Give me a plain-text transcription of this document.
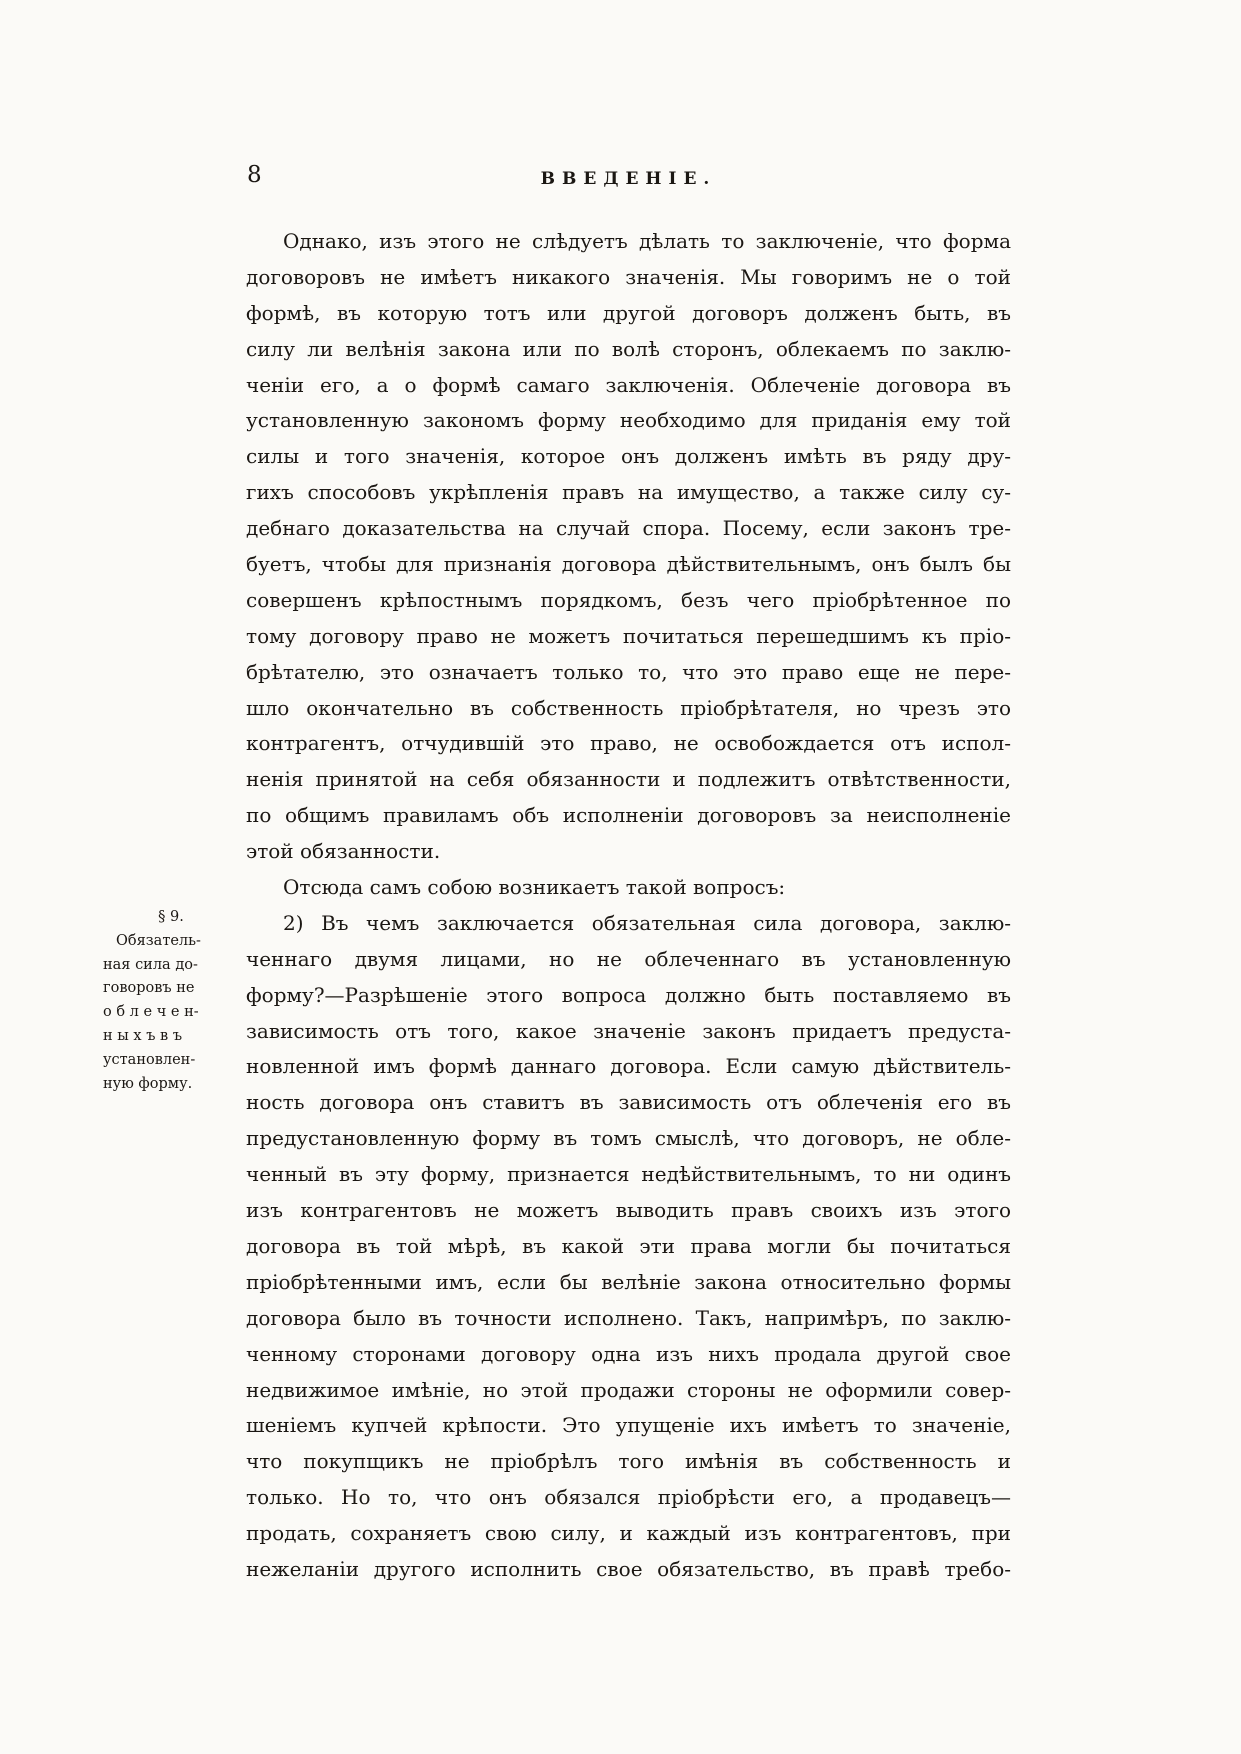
8	ВВЕДЕНІЕ.
§ 9.
Обязатель-
ная сила до-
говоровъ не
о б л е ч е н-
н ы х ъ в ъ
установлен-
ную форму.
Однако, изъ этого не слѣдуетъ дѣлать то заключеніе, что форма
договоровъ не имѣетъ никакого значенія. Мы говоримъ не о той
формѣ, въ которую тотъ или другой договоръ долженъ быть, въ
силу ли велѣнія закона или по волѣ сторонъ, облекаемъ по заклю-
ченіи его, а о формѣ самаго заключенія. Облеченіе договора въ
установленную закономъ форму необходимо для приданія ему той
силы и того значенія, которое онъ долженъ имѣть въ ряду дру-
гихъ способовъ укрѣпленія правъ на имущество, а также силу су-
дебнаго доказательства на случай спора. Посему, если законъ тре-
буетъ, чтобы для признанія договора дѣйствительнымъ, онъ былъ бы
совершенъ крѣпостнымъ порядкомъ, безъ чего пріобрѣтенное по
тому договору право не можетъ почитаться перешедшимъ къ пріо-
брѣтателю, это означаетъ только то, что это право еще не пере-
шло окончательно въ собственность пріобрѣтателя, но чрезъ это
контрагентъ, отчудившій это право, не освобождается отъ испол-
ненія принятой на себя обязанности и подлежитъ отвѣтственности,
по общимъ правиламъ объ исполненіи договоровъ за неисполненіе
этой обязанности.
Отсюда самъ собою возникаетъ такой вопросъ:
2) Въ чемъ заключается обязательная сила договора, заклю-
ченнаго двумя лицами, но не облеченнаго въ установленную
форму?—Разрѣшеніе этого вопроса должно быть поставляемо въ
зависимость отъ того, какое значеніе законъ придаетъ предуста-
новленной имъ формѣ даннаго договора. Если самую дѣйствитель-
ность договора онъ ставитъ въ зависимость отъ облеченія его въ
предустановленную форму въ томъ смыслѣ, что договоръ, не обле-
ченный въ эту форму, признается недѣйствительнымъ, то ни одинъ
изъ контрагентовъ не можетъ выводить правъ своихъ изъ этого
договора въ той мѣрѣ, въ какой эти права могли бы почитаться
пріобрѣтенными имъ, если бы велѣніе закона относительно формы
договора было въ точности исполнено. Такъ, напримѣръ, по заклю-
ченному сторонами договору одна изъ нихъ продала другой свое
недвижимое имѣніе, но этой продажи стороны не оформили совер-
шеніемъ купчей крѣпости. Это упущеніе ихъ имѣетъ то значеніе,
что покупщикъ не пріобрѣлъ того имѣнія въ собственность и
только. Но то, что онъ обязался пріобрѣсти его, а продавецъ—
продать, сохраняетъ свою силу, и каждый изъ контрагентовъ, при
нежеланіи другого исполнить свое обязательство, въ правѣ требо-
